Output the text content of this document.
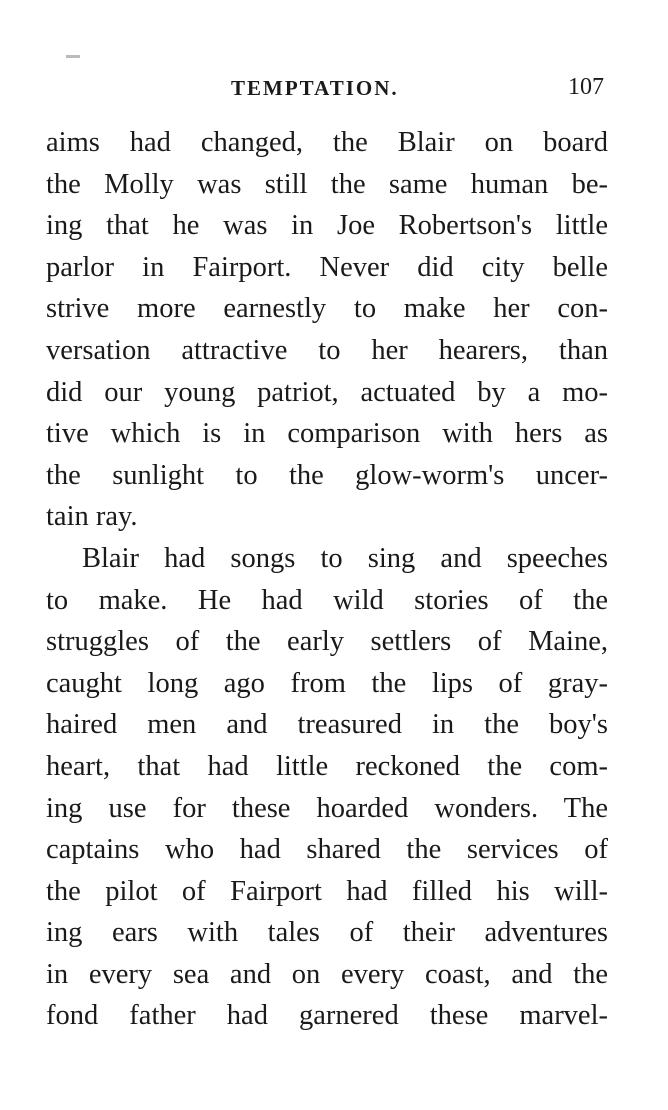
TEMPTATION.	107
aims had changed, the Blair on board
the Molly was still the same human be-
ing that he was in Joe Robertson's little
parlor in Fairport. Never did city belle
strive more earnestly to make her con-
versation attractive to her hearers, than
did our young patriot, actuated by a mo-
tive which is in comparison with hers as
the sunlight to the glow-worm's uncer-
tain ray.
Blair had songs to sing and speeches
to make. He had wild stories of the
struggles of the early settlers of Maine,
caught long ago from the lips of gray-
haired men and treasured in the boy's
heart, that had little reckoned the com-
ing use for these hoarded wonders. The
captains who had shared the services of
the pilot of Fairport had filled his will-
ing ears with tales of their adventures
in every sea and on every coast, and the
fond father had garnered these marvel-
